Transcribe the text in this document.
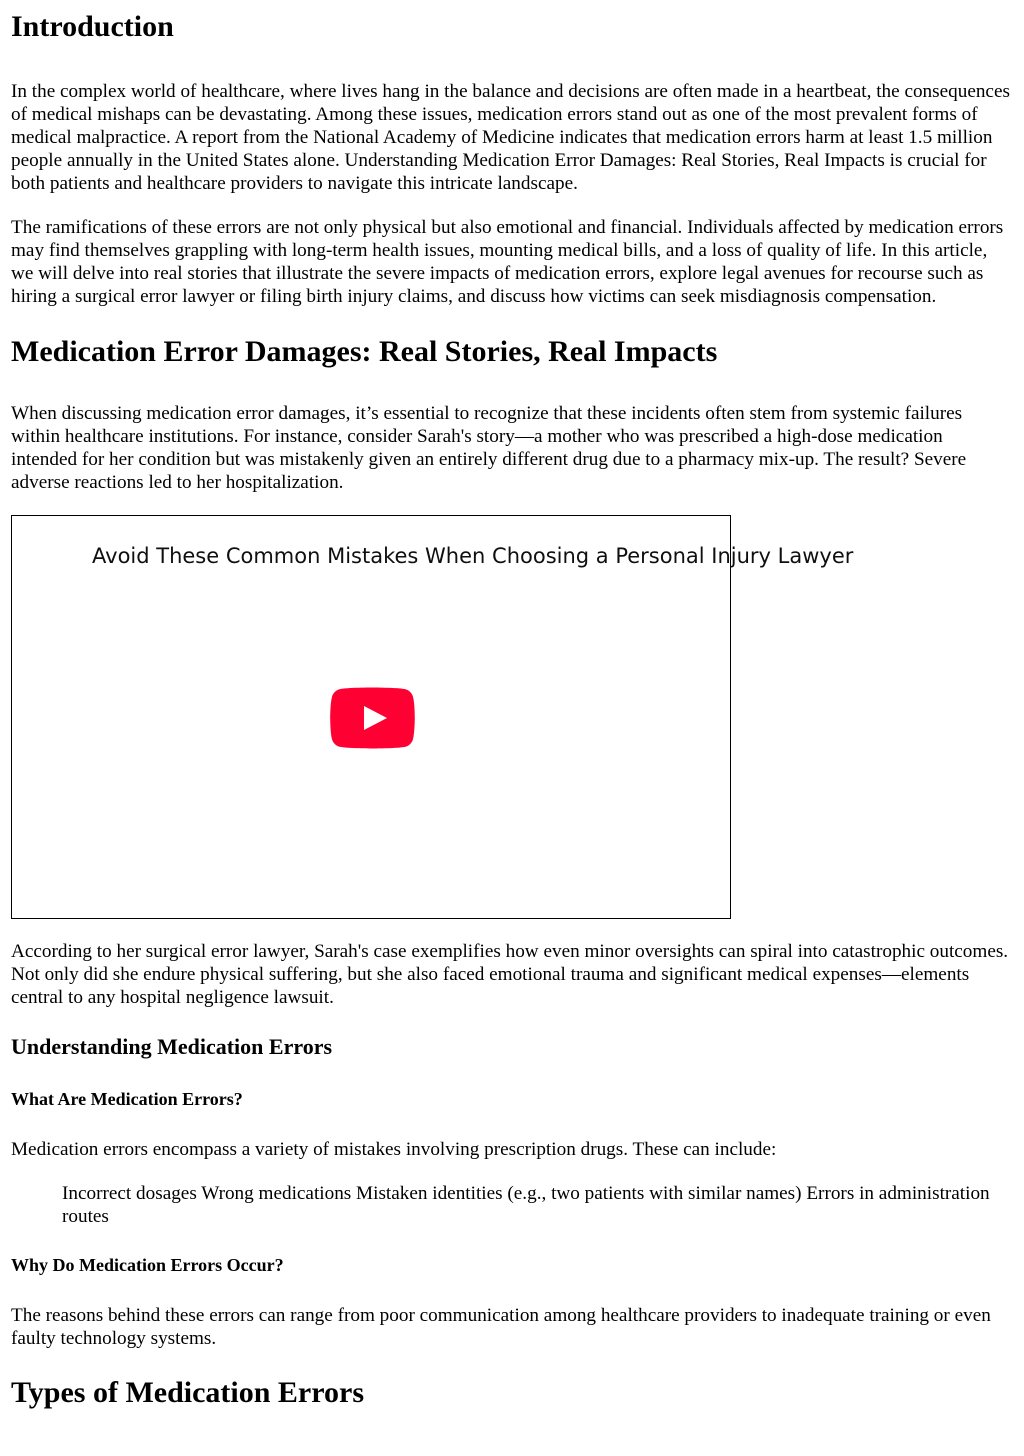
Introduction

In the complex world of healthcare, where lives hang in the balance and decisions are often made in a heartbeat, the consequences of medical mishaps can be devastating. Among these issues, medication errors stand out as one of the most prevalent forms of medical malpractice. A report from the National Academy of Medicine indicates that medication errors harm at least 1.5 million people annually in the United States alone. Understanding Medication Error Damages: Real Stories, Real Impacts is crucial for both patients and healthcare providers to navigate this intricate landscape.

The ramifications of these errors are not only physical but also emotional and financial. Individuals affected by medication errors may find themselves grappling with long-term health issues, mounting medical bills, and a loss of quality of life. In this article, we will delve into real stories that illustrate the severe impacts of medication errors, explore legal avenues for recourse such as hiring a surgical error lawyer or filing birth injury claims, and discuss how victims can seek misdiagnosis compensation.

Medication Error Damages: Real Stories, Real Impacts

When discussing medication error damages, it’s essential to recognize that these incidents often stem from systemic failures within healthcare institutions. For instance, consider Sarah's story—a mother who was prescribed a high-dose medication intended for her condition but was mistakenly given an entirely different drug due to a pharmacy mix-up. The result? Severe adverse reactions led to her hospitalization.

Avoid These Common Mistakes When Choosing a Personal Injury Lawyer

According to her surgical error lawyer, Sarah's case exemplifies how even minor oversights can spiral into catastrophic outcomes. Not only did she endure physical suffering, but she also faced emotional trauma and significant medical expenses—elements central to any hospital negligence lawsuit.

Understanding Medication Errors
What Are Medication Errors?

Medication errors encompass a variety of mistakes involving prescription drugs. These can include:

Incorrect dosages Wrong medications Mistaken identities (e.g., two patients with similar names) Errors in administration routes
Why Do Medication Errors Occur?

The reasons behind these errors can range from poor communication among healthcare providers to inadequate training or even faulty technology systems.

Types of Medication Errors
